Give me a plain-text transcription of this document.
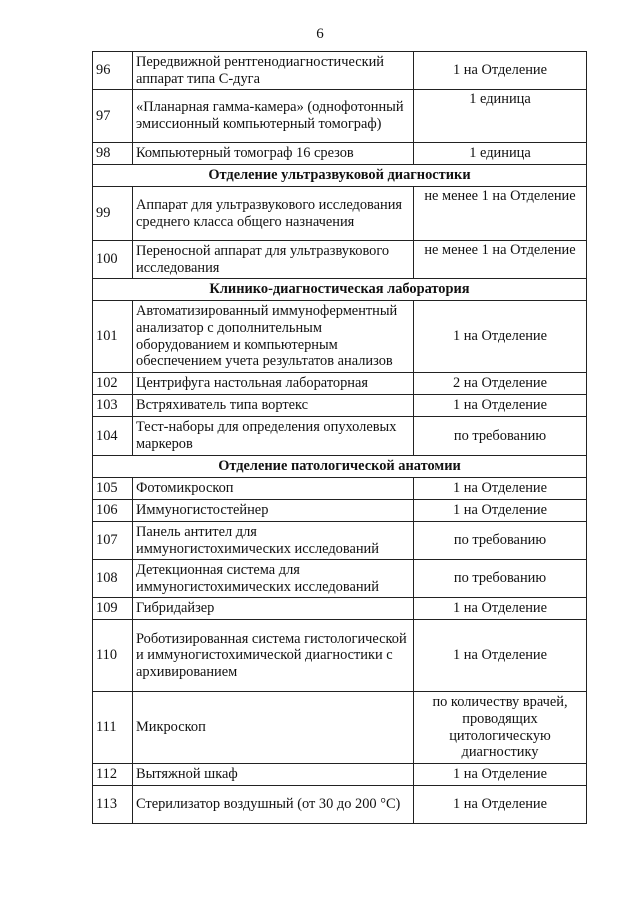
6
96	Передвижной рентгенодиагностический аппарат типа С-дуга	1 на Отделение
97	«Планарная гамма-камера» (однофотонный эмиссионный компьютерный томограф)	1 единица
98	Компьютерный томограф 16 срезов	1 единица
Отделение ультразвуковой диагностики		
99	Аппарат для ультразвукового исследования среднего класса общего назначения	не менее 1 на Отделение
100	Переносной аппарат для ультразвукового исследования	не менее 1 на Отделение
Клинико-диагностическая лаборатория		
101	Автоматизированный иммуноферментный анализатор с дополнительным оборудованием и компьютерным обеспечением учета результатов анализов	1 на Отделение
102	Центрифуга настольная лабораторная	2 на Отделение
103	Встряхиватель типа вортекс	1 на Отделение
104	Тест-наборы для определения опухолевых маркеров	по требованию
Отделение патологической анатомии		
105	Фотомикроскоп	1 на Отделение
106	Иммуногистостейнер	1 на Отделение
107	Панель антител для иммуногистохимических исследований	по требованию
108	Детекционная система для иммуногистохимических исследований	по требованию
109	Гибридайзер	1 на Отделение
110	Роботизированная система гистологической и иммуногистохимической диагностики с архивированием	1 на Отделение
111	Микроскоп	по количеству врачей, проводящих цитологическую диагностику
112	Вытяжной шкаф	1 на Отделение
113	Стерилизатор воздушный (от 30 до 200 °С)	1 на Отделение
